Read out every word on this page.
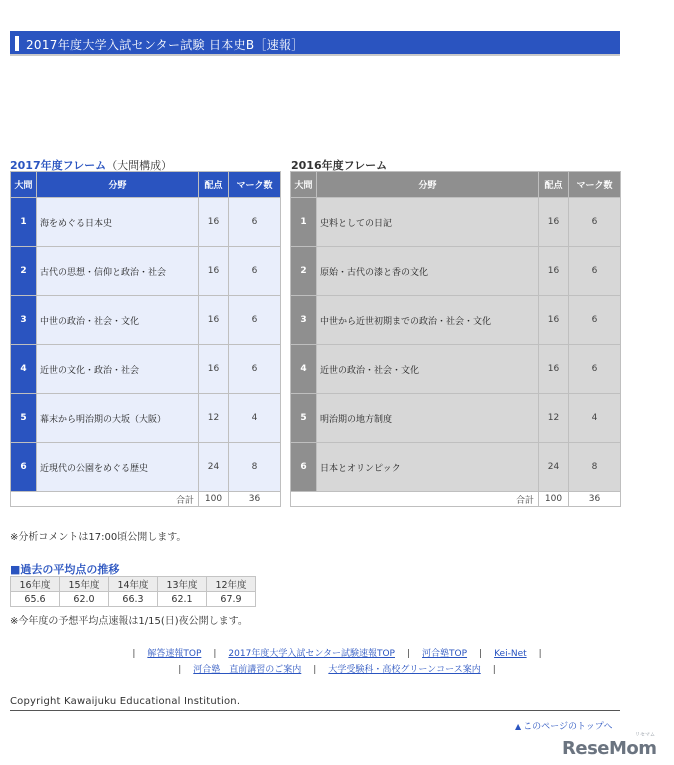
2017年度大学入試センター試験 日本史B［速報］
2017年度フレーム（大問構成）
大問	分野	配点	マーク数
1	海をめぐる日本史	16	6
2	古代の思想・信仰と政治・社会	16	6
3	中世の政治・社会・文化	16	6
4	近世の文化・政治・社会	16	6
5	幕末から明治期の大坂（大阪）	12	4
6	近現代の公園をめぐる歴史	24	8
合計		100	36
2016年度フレーム
大問	分野	配点	マーク数
1	史料としての日記	16	6
2	原始・古代の漆と香の文化	16	6
3	中世から近世初期までの政治・社会・文化	16	6
4	近世の政治・社会・文化	16	6
5	明治期の地方制度	12	4
6	日本とオリンピック	24	8
合計		100	36
※分析コメントは17:00頃公開します。
■過去の平均点の推移
16年度	15年度	14年度	13年度	12年度
65.6	62.0	66.3	62.1	67.9
※今年度の予想平均点速報は1/15(日)夜公開します。
| 解答速報TOP | 2017年度大学入試センター試験速報TOP | 河合塾TOP | Kei-Net |
| 河合塾　直前講習のご案内 | 大学受験科・高校グリーンコース案内 |
Copyright Kawaijuku Educational Institution.
▲ このページのトップへ
リセマム
ReseMom
